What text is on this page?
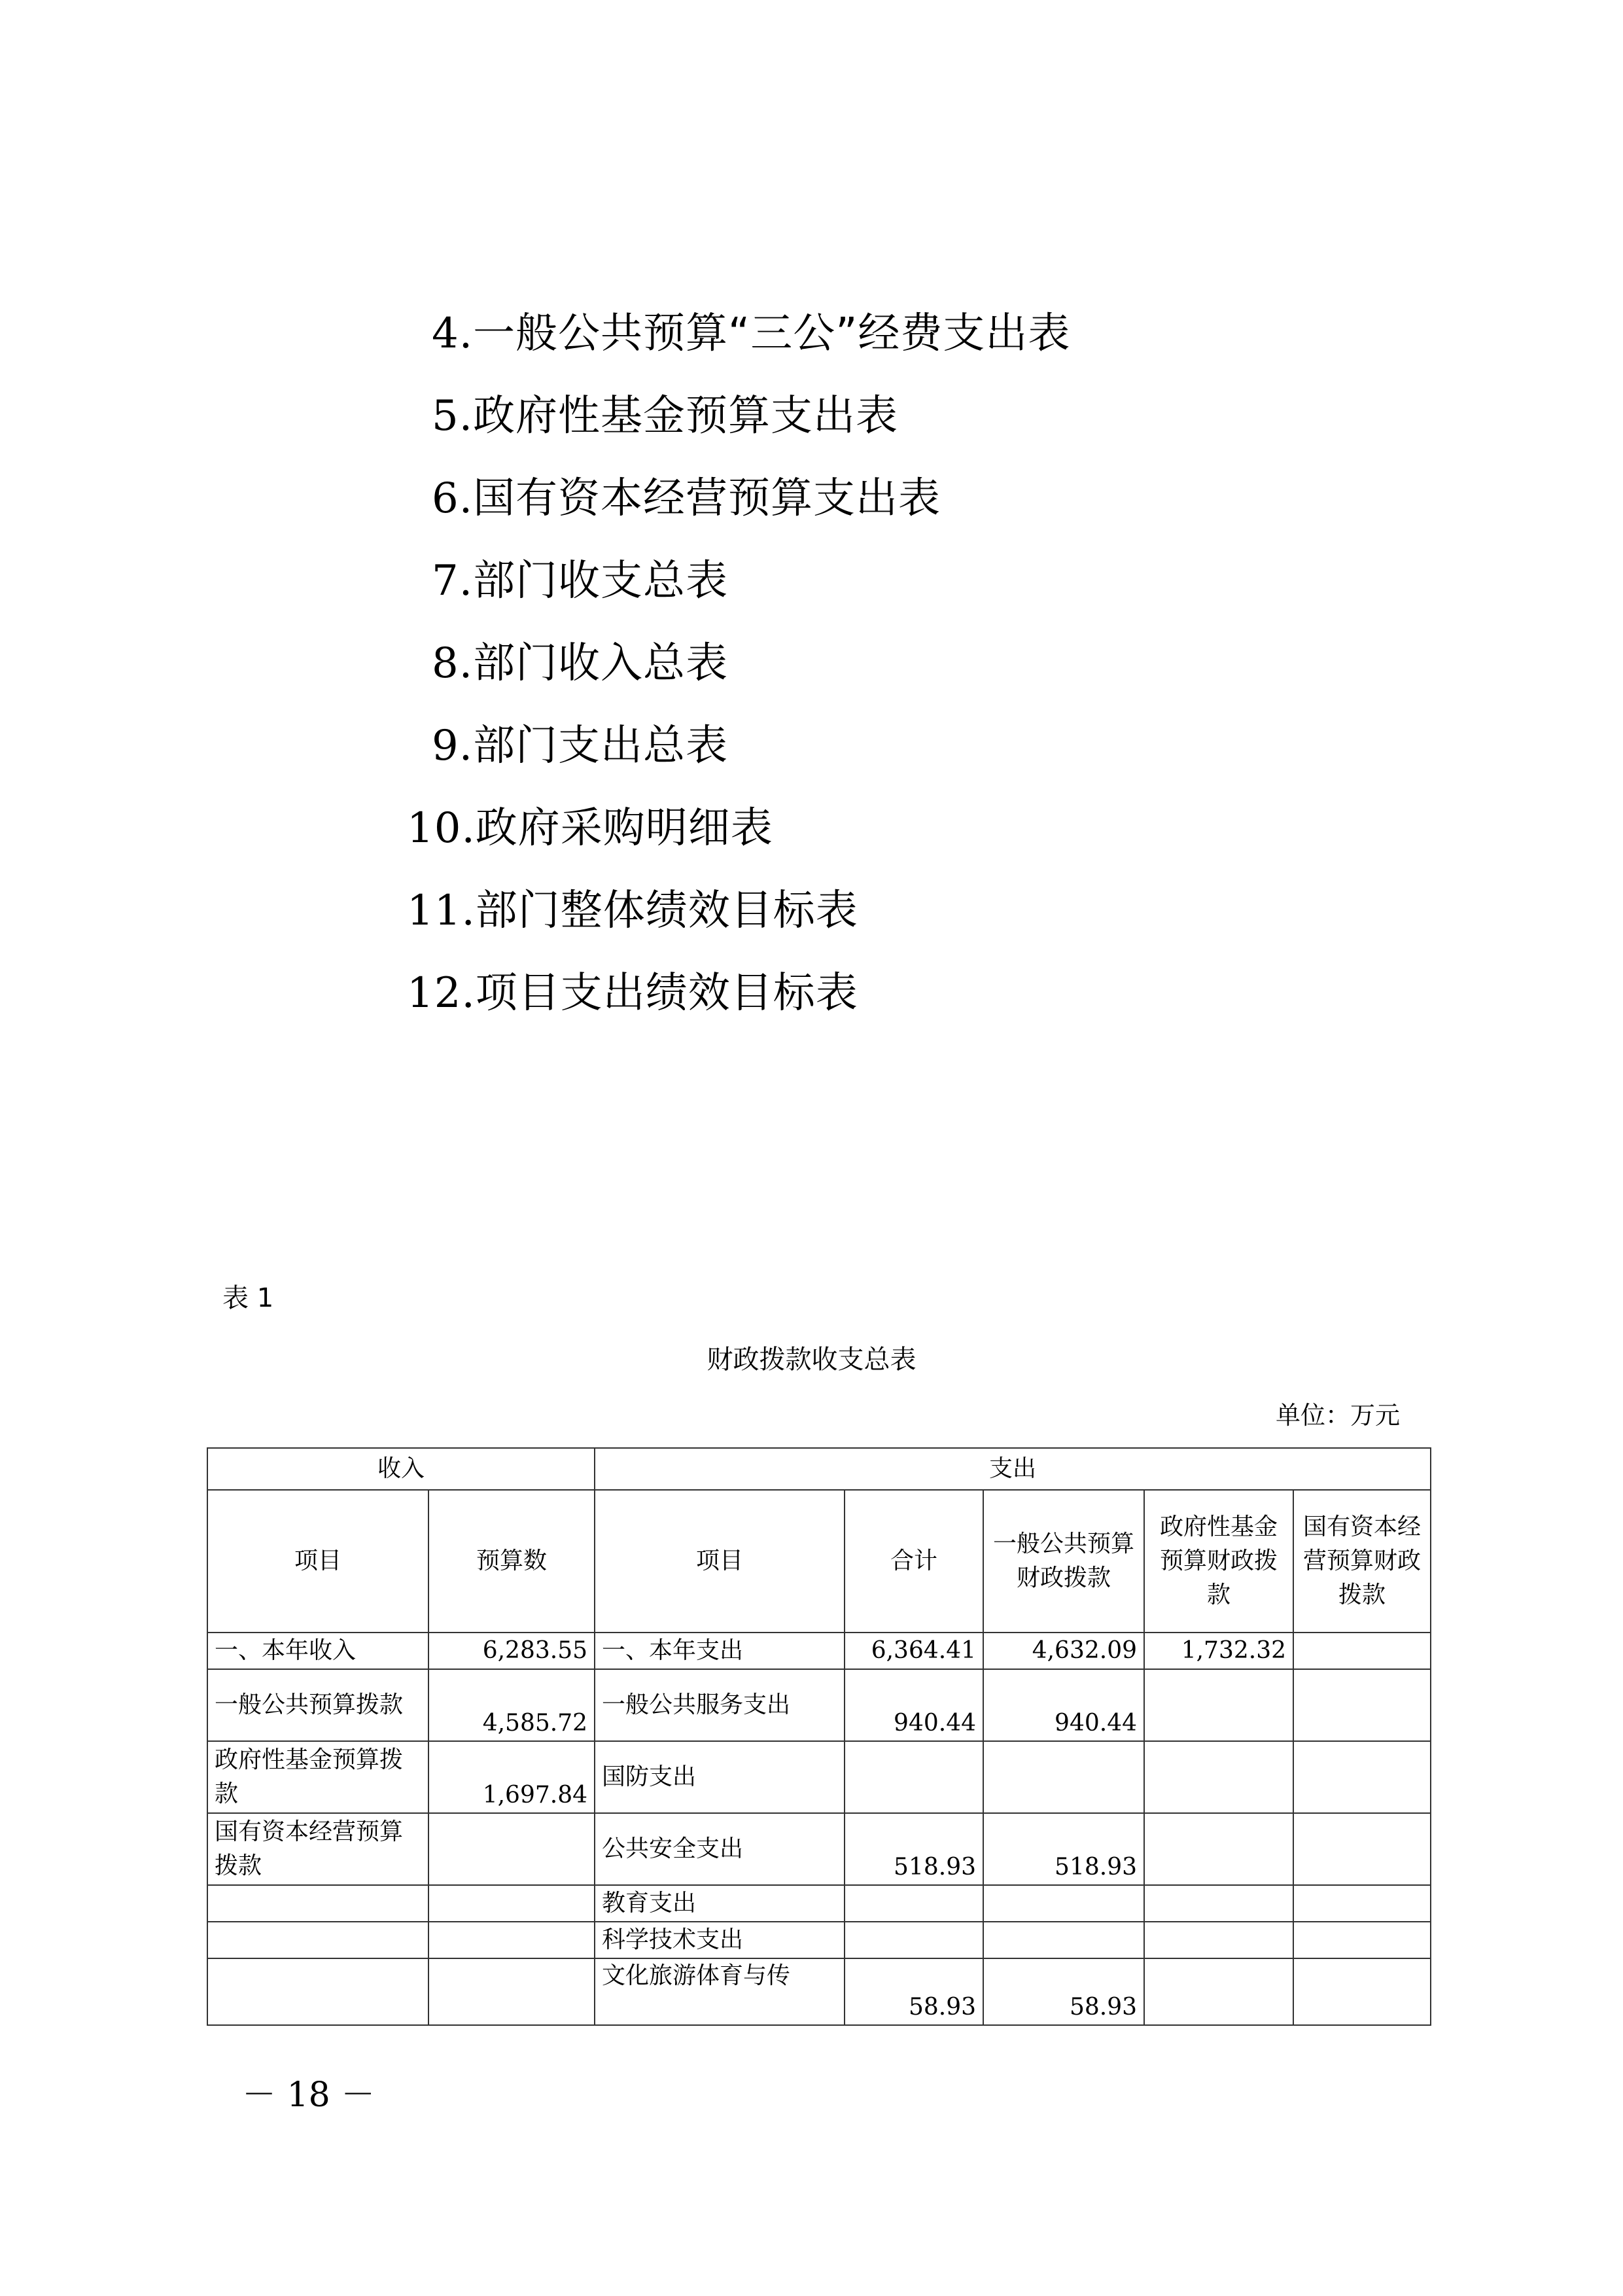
4.一般公共预算“三公”经费支出表
5.政府性基金预算支出表
6.国有资本经营预算支出表
7.部门收支总表
8.部门收入总表
9.部门支出总表
10.政府采购明细表
11.部门整体绩效目标表
12.项目支出绩效目标表
表 1
财政拨款收支总表
单位：万元
收入		支出				
项目	预算数	项目	合计	一般公共预算 财政拨款	政府性基金预算财政拨款	国有资本经营预算财政拨款
一、本年收入	6,283.55	一、本年支出	6,364.41	4,632.09	1,732.32	
一般公共预算拨款	4,585.72	一般公共服务支出	940.44	940.44		
政府性基金预算拨款	1,697.84	国防支出				
国有资本经营预算拨款		公共安全支出	518.93	518.93		
		教育支出				
		科学技术支出				
		文化旅游体育与传	58.93	58.93		
－ 18 －
